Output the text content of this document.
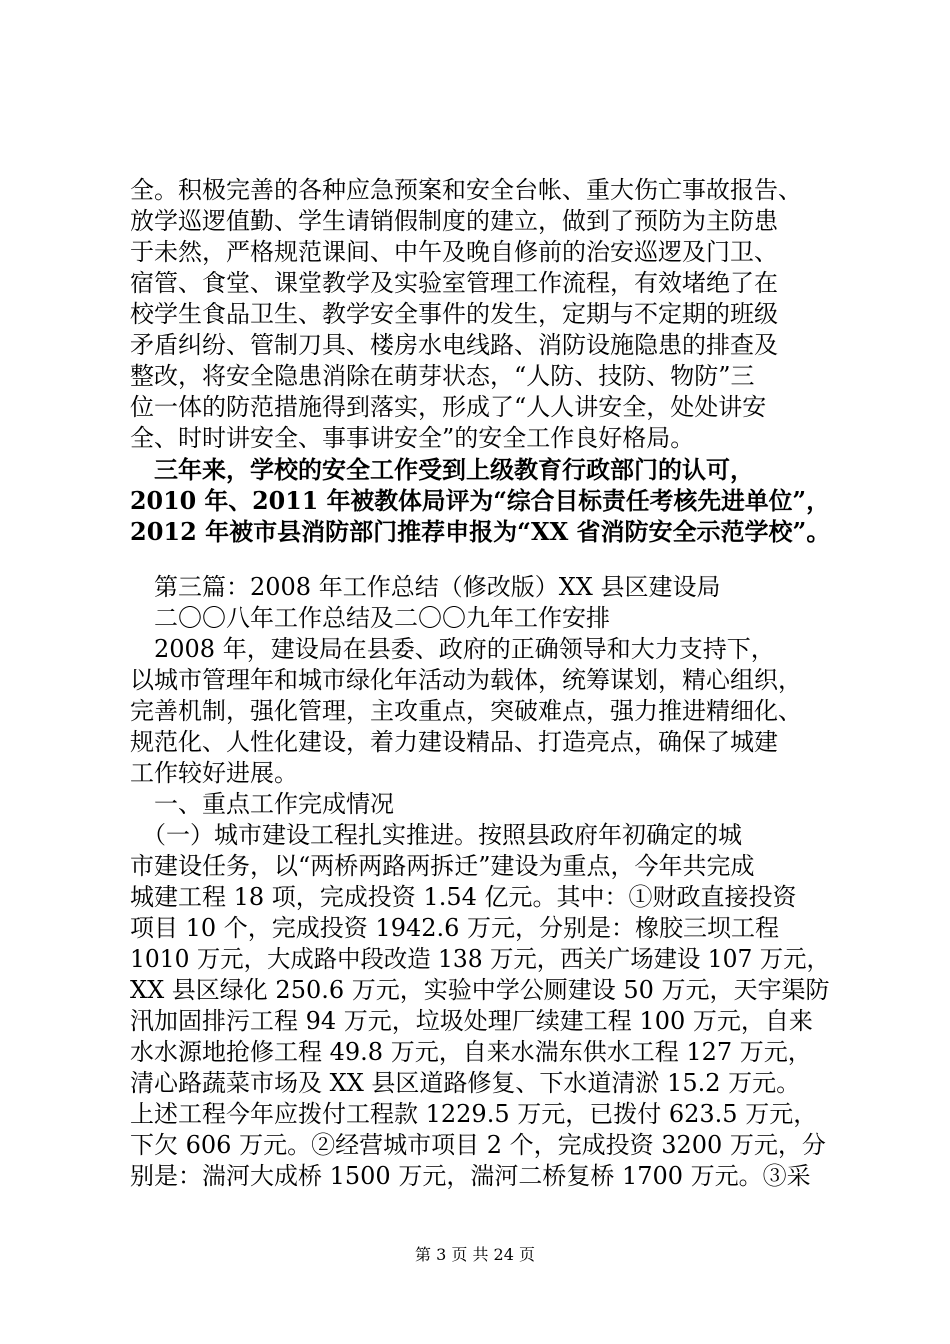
全。积极完善的各种应急预案和安全台帐、重大伤亡事故报告、
放学巡逻值勤、学生请销假制度的建立，做到了预防为主防患
于未然，严格规范课间、中午及晚自修前的治安巡逻及门卫、
宿管、食堂、课堂教学及实验室管理工作流程，有效堵绝了在
校学生食品卫生、教学安全事件的发生，定期与不定期的班级
矛盾纠纷、管制刀具、楼房水电线路、消防设施隐患的排查及
整改，将安全隐患消除在萌芽状态，“人防、技防、物防”三
位一体的防范措施得到落实，形成了“人人讲安全，处处讲安
全、时时讲安全、事事讲安全”的安全工作良好格局。
　三年来，学校的安全工作受到上级教育行政部门的认可，
2010 年、2011 年被教体局评为“综合目标责任考核先进单位”，
2012 年被市县消防部门推荐申报为“XX 省消防安全示范学校”。
　第三篇：2008 年工作总结（修改版）XX 县区建设局
　二〇〇八年工作总结及二〇〇九年工作安排
　2008 年，建设局在县委、政府的正确领导和大力支持下，
以城市管理年和城市绿化年活动为载体，统筹谋划，精心组织，
完善机制，强化管理，主攻重点，突破难点，强力推进精细化、
规范化、人性化建设，着力建设精品、打造亮点，确保了城建
工作较好进展。
　一、重点工作完成情况
　（一）城市建设工程扎实推进。按照县政府年初确定的城
市建设任务，以“两桥两路两拆迁”建设为重点，今年共完成
城建工程 18 项，完成投资 1.54 亿元。其中：①财政直接投资
项目 10 个，完成投资 1942.6 万元，分别是：橡胶三坝工程
1010 万元，大成路中段改造 138 万元，西关广场建设 107 万元，
XX 县区绿化 250.6 万元，实验中学公厕建设 50 万元，天宇渠防
汛加固排污工程 94 万元，垃圾处理厂续建工程 100 万元，自来
水水源地抢修工程 49.8 万元，自来水湍东供水工程 127 万元，
清心路蔬菜市场及 XX 县区道路修复、下水道清淤 15.2 万元。
上述工程今年应拨付工程款 1229.5 万元，已拨付 623.5 万元，
下欠 606 万元。②经营城市项目 2 个，完成投资 3200 万元，分
别是：湍河大成桥 1500 万元，湍河二桥复桥 1700 万元。③采
第 3 页 共 24 页
